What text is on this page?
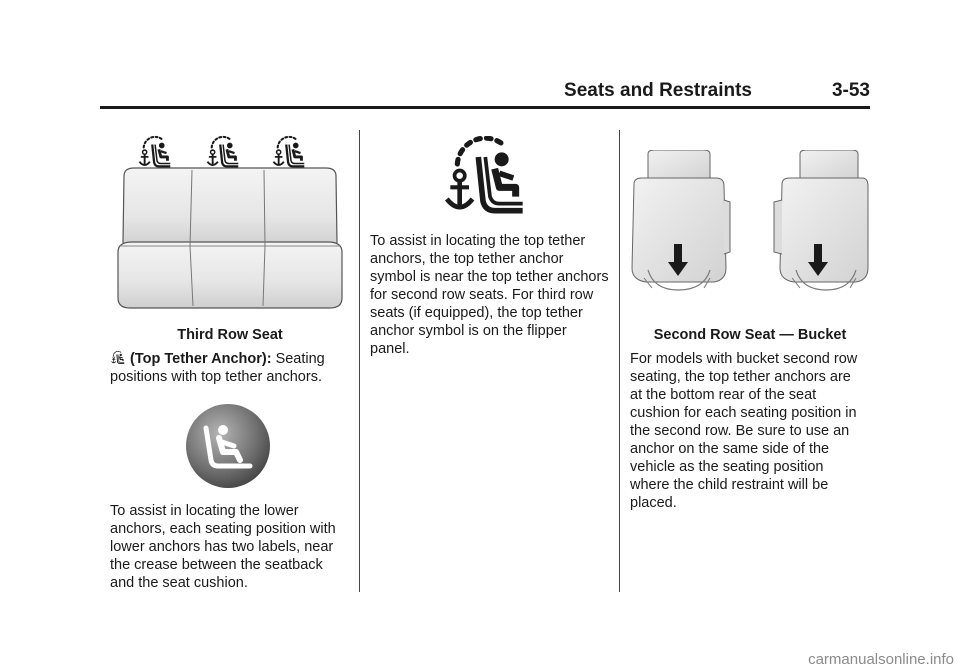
Seats and Restraints	3-53
Third Row Seat

(Top Tether Anchor): Seating positions with top tether anchors.

To assist in locating the lower anchors, each seating position with lower anchors has two labels, near the crease between the seatback and the seat cushion.

To assist in locating the top tether anchors, the top tether anchor symbol is near the top tether anchors for second row seats. For third row seats (if equipped), the top tether anchor symbol is on the flipper panel.

Second Row Seat — Bucket

For models with bucket second row seating, the top tether anchors are at the bottom rear of the seat cushion for each seating position in the second row. Be sure to use an anchor on the same side of the vehicle as the seating position where the child restraint will be placed.

carmanualsonline.info
